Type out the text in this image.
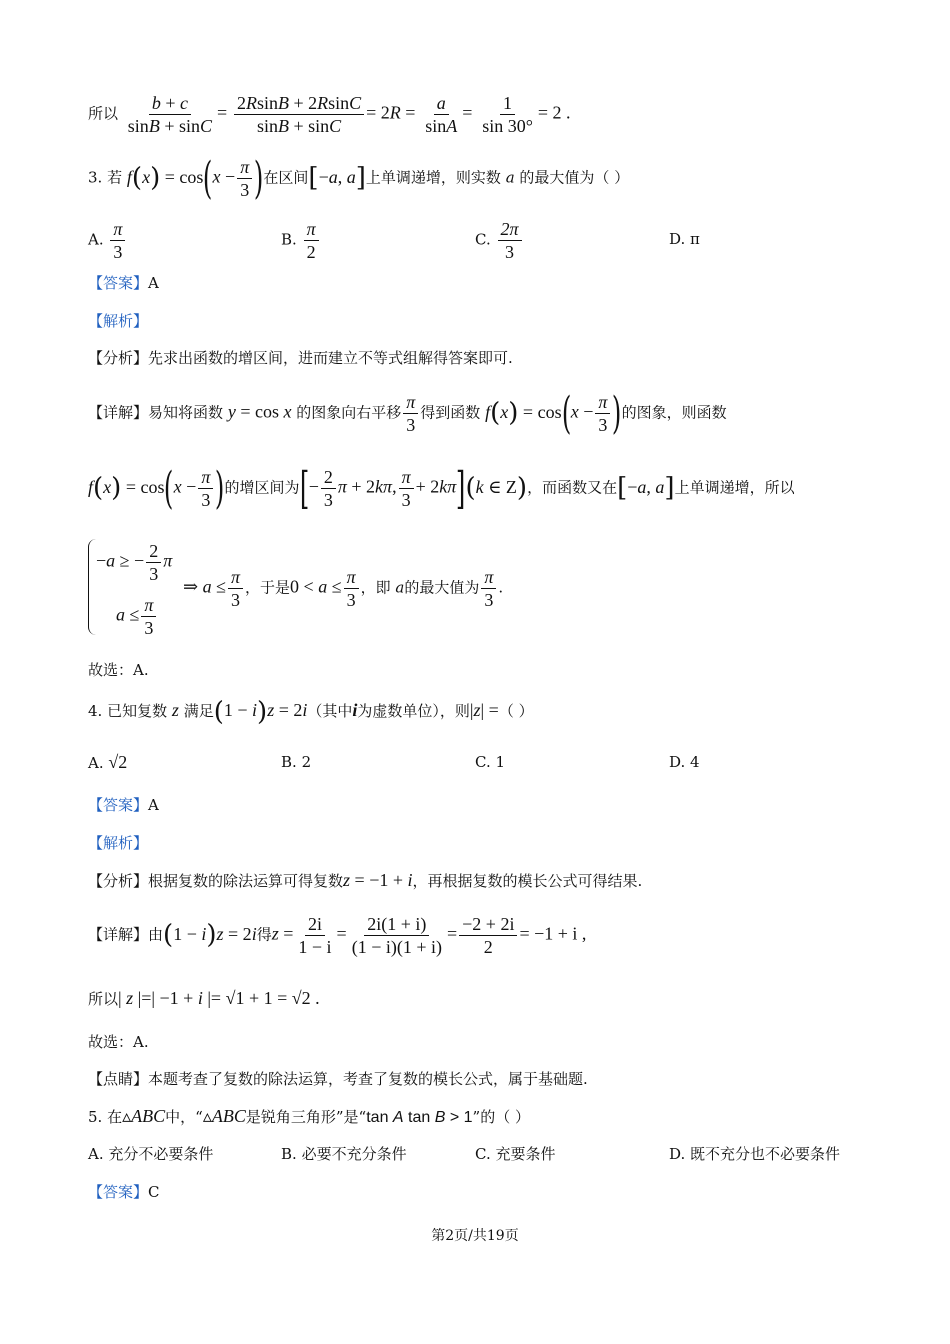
所以 $\frac{b + c}{\sin B + \sin C} = \frac{2RsinB + 2RsinC}{\sin B + \sin C} = 2R = \frac{a}{\sin A} = \frac{1}{\sin 30^\circ} = 2$ .
3. 若 $f(x) = \cos(x - \frac{\pi}{3}$ )在区间[−a, a]上单调递增，则实数 a 的最大值为（ ）
A. $\frac{\pi}{3}$	B. $\frac{\pi}{2}$	C. $\frac{2\pi}{3}$	D. π
【答案】A
【解析】
【分析】先求出函数的增区间，进而建立不等式组解得答案即可.
【详解】易知将函数 y = cos x 的图象向右平移 $\frac{\pi}{3}$ 得到函数 $f(x) = \cos(x - \frac{\pi}{3}$ )的图象，则函数
$f(x) = \cos(x - \frac{\pi}{3}$ )的增区间为[− $\frac{2}{3}$ π + 2kπ, $\frac{\pi}{3} + 2k\pi](k$ ∈ Z)，而函数又在[−a, a]上单调递增，所以
−a ≥ − $\frac{2}{3}$ π
$a \le \frac{\pi}{3}$
⇒ $a \le \frac{\pi}{3}$ ，于是$0 < a \le \frac{\pi}{3}$ ，即 a的最大值为 $\frac{\pi}{3}$ .
故选：A.
4. 已知复数 z 满足(1 − i)z = 2i（其中i为虚数单位），则|z| =（ ）
A. √2	B. 2	C. 1	D. 4
【答案】A
【解析】
【分析】根据复数的除法运算可得复数z = −1 + i，再根据复数的模长公式可得结果.
【详解】由(1 − i)z = 2i得$z = \frac{2i}{1 - i} = \frac{2i(1 + i)}{(1 - i)(1 + i)} = \frac{-2 + 2i}{2} = -1 + i$ ,
所以| z |=| −1 + i |= √1 + 1 = √2 .
故选：A.
【点睛】本题考查了复数的除法运算，考查了复数的模长公式，属于基础题.
5. 在▵ABC中，“▵ABC是锐角三角形”是“tan A tan B > 1”的（ ）
A. 充分不必要条件	B. 必要不充分条件	C. 充要条件	D. 既不充分也不必要条件
【答案】C
第2页/共19页
